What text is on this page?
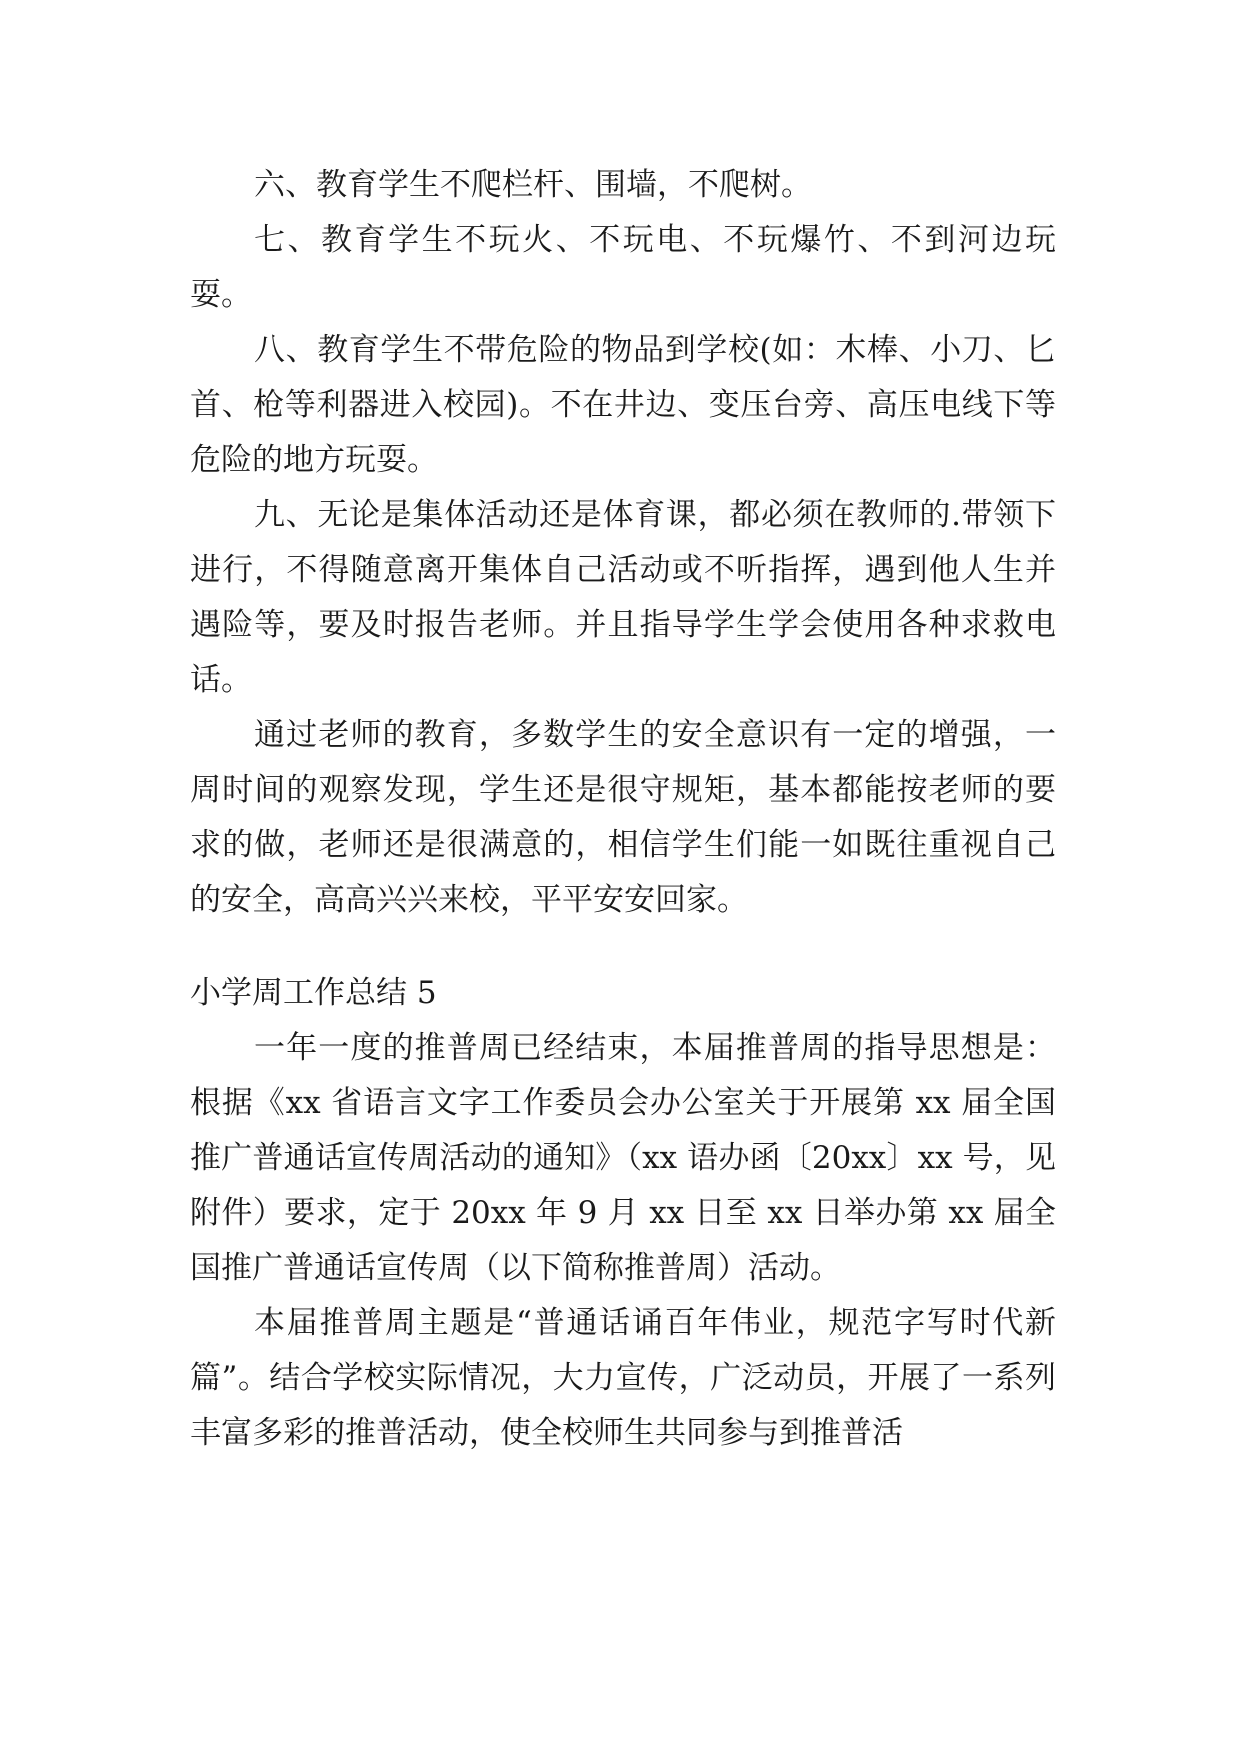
六、教育学生不爬栏杆、围墙，不爬树。

七、教育学生不玩火、不玩电、不玩爆竹、不到河边玩耍。

八、教育学生不带危险的物品到学校(如：木棒、小刀、匕首、枪等利器进入校园)。不在井边、变压台旁、高压电线下等危险的地方玩耍。

九、无论是集体活动还是体育课，都必须在教师的.带领下进行，不得随意离开集体自己活动或不听指挥，遇到他人生并遇险等，要及时报告老师。并且指导学生学会使用各种求救电话。

通过老师的教育，多数学生的安全意识有一定的增强，一周时间的观察发现，学生还是很守规矩，基本都能按老师的要求的做，老师还是很满意的，相信学生们能一如既往重视自己的安全，高高兴兴来校，平平安安回家。

小学周工作总结 5

一年一度的推普周已经结束，本届推普周的指导思想是：根据《xx 省语言文字工作委员会办公室关于开展第 xx 届全国推广普通话宣传周活动的通知》（xx 语办函〔20xx〕xx 号，见附件）要求，定于 20xx 年 9 月 xx 日至 xx 日举办第 xx 届全国推广普通话宣传周（以下简称推普周）活动。

本届推普周主题是“普通话诵百年伟业，规范字写时代新篇”。结合学校实际情况，大力宣传，广泛动员，开展了一系列丰富多彩的推普活动，使全校师生共同参与到推普活
